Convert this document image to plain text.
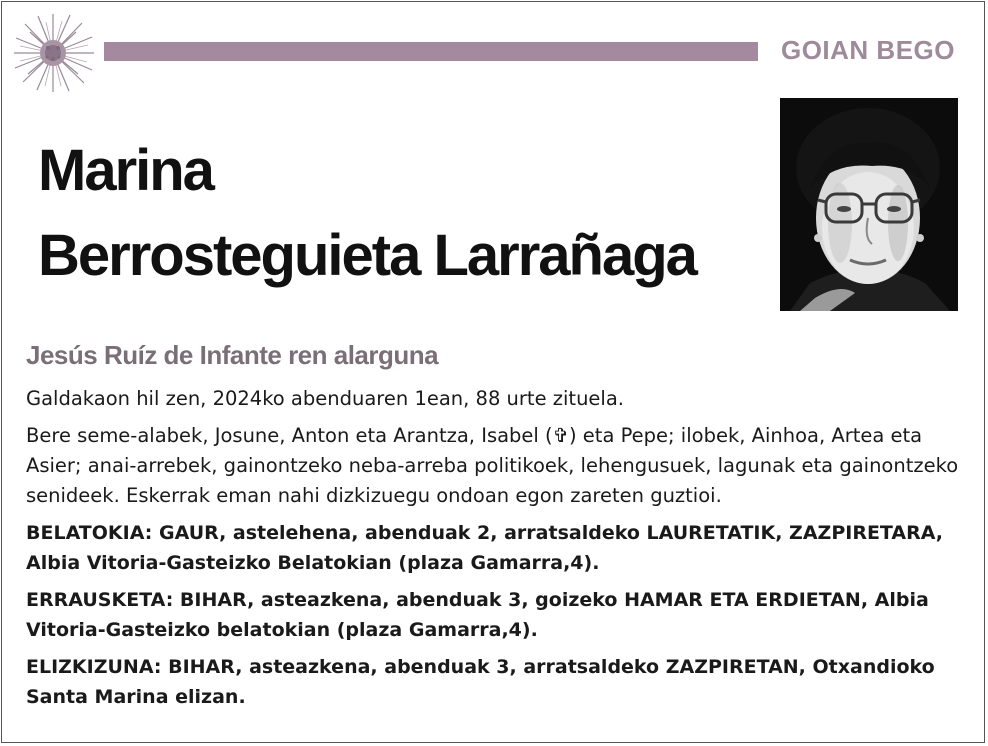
GOIAN BEGO
Marina
Berrosteguieta Larrañaga
Jesús Ruíz de Infante ren alarguna

Galdakaon hil zen, 2024ko abenduaren 1ean, 88 urte zituela.

Bere seme-alabek, Josune, Anton eta Arantza, Isabel (✞) eta Pepe; ilobek, Ainhoa, Artea eta Asier; anai-arrebek, gainontzeko neba-arreba politikoek, lehengusuek, lagunak eta gainontzeko senideek. Eskerrak eman nahi dizkizuegu ondoan egon zareten guztioi.

BELATOKIA: GAUR, astelehena, abenduak 2, arratsaldeko LAURETATIK, ZAZPIRETARA, Albia Vitoria-Gasteizko Belatokian (plaza Gamarra,4).

ERRAUSKETA: BIHAR, asteazkena, abenduak 3, goizeko HAMAR ETA ERDIETAN, Albia Vitoria-Gasteizko belatokian (plaza Gamarra,4).

ELIZKIZUNA: BIHAR, asteazkena, abenduak 3, arratsaldeko ZAZPIRETAN, Otxandioko Santa Marina elizan.
